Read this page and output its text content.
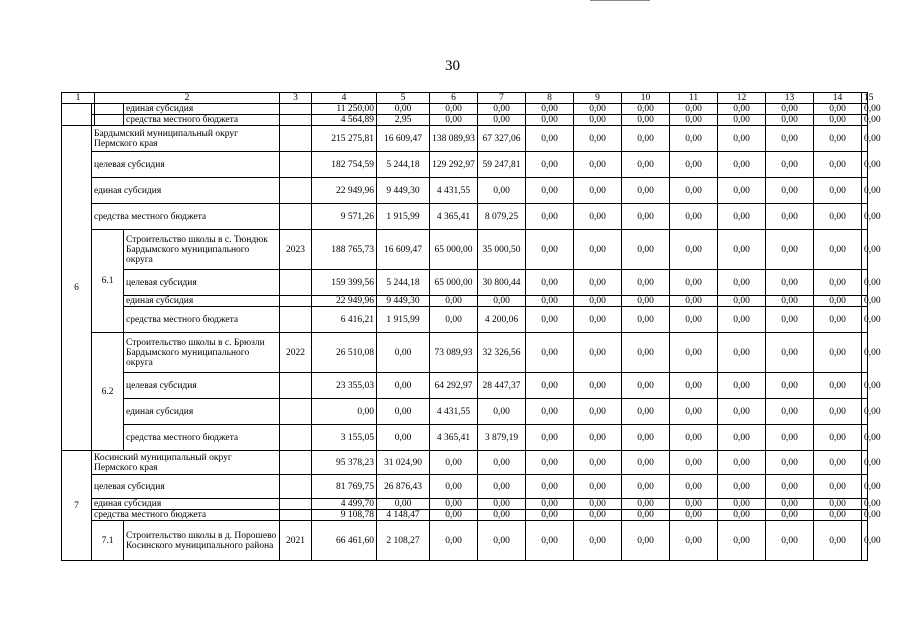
30
1		2		3	4	5	6	7	8	9	10	11	12	13	14	15
			единая субсидия		11 250,00	0,00	0,00	0,00	0,00	0,00	0,00	0,00	0,00	0,00	0,00	0,00
			средства местного бюджета		4 564,89	2,95	0,00	0,00	0,00	0,00	0,00	0,00	0,00	0,00	0,00	0,00
6	Бардымский муниципальный округ Пермского края				215 275,81	16 609,47	138 089,93	67 327,06	0,00	0,00	0,00	0,00	0,00	0,00	0,00	0,00
	целевая субсидия				182 754,59	5 244,18	129 292,97	59 247,81	0,00	0,00	0,00	0,00	0,00	0,00	0,00	0,00
	единая субсидия				22 949,96	9 449,30	4 431,55	0,00	0,00	0,00	0,00	0,00	0,00	0,00	0,00	0,00
	средства местного бюджета				9 571,26	1 915,99	4 365,41	8 079,25	0,00	0,00	0,00	0,00	0,00	0,00	0,00	0,00
	6.1		Строительство школы в с. Тюндюк Бардымского муниципального округа	2023	188 765,73	16 609,47	65 000,00	35 000,50	0,00	0,00	0,00	0,00	0,00	0,00	0,00	0,00
			целевая субсидия		159 399,56	5 244,18	65 000,00	30 800,44	0,00	0,00	0,00	0,00	0,00	0,00	0,00	0,00
			единая субсидия		22 949,96	9 449,30	0,00	0,00	0,00	0,00	0,00	0,00	0,00	0,00	0,00	0,00
			средства местного бюджета		6 416,21	1 915,99	0,00	4 200,06	0,00	0,00	0,00	0,00	0,00	0,00	0,00	0,00
	6.2		Строительство школы в с. Брюзли Бардымского муниципального округа	2022	26 510,08	0,00	73 089,93	32 326,56	0,00	0,00	0,00	0,00	0,00	0,00	0,00	0,00
			целевая субсидия		23 355,03	0,00	64 292,97	28 447,37	0,00	0,00	0,00	0,00	0,00	0,00	0,00	0,00
			единая субсидия		0,00	0,00	4 431,55	0,00	0,00	0,00	0,00	0,00	0,00	0,00	0,00	0,00
			средства местного бюджета		3 155,05	0,00	4 365,41	3 879,19	0,00	0,00	0,00	0,00	0,00	0,00	0,00	0,00
7	Косинский муниципальный округ Пермского края				95 378,23	31 024,90	0,00	0,00	0,00	0,00	0,00	0,00	0,00	0,00	0,00	0,00
	целевая субсидия				81 769,75	26 876,43	0,00	0,00	0,00	0,00	0,00	0,00	0,00	0,00	0,00	0,00
	единая субсидия				4 499,70	0,00	0,00	0,00	0,00	0,00	0,00	0,00	0,00	0,00	0,00	0,00
	средства местного бюджета				9 108,78	4 148,47	0,00	0,00	0,00	0,00	0,00	0,00	0,00	0,00	0,00	0,00
	7.1		Строительство школы в д. Порошево Косинского муниципального района	2021	66 461,60	2 108,27	0,00	0,00	0,00	0,00	0,00	0,00	0,00	0,00	0,00	0,00
